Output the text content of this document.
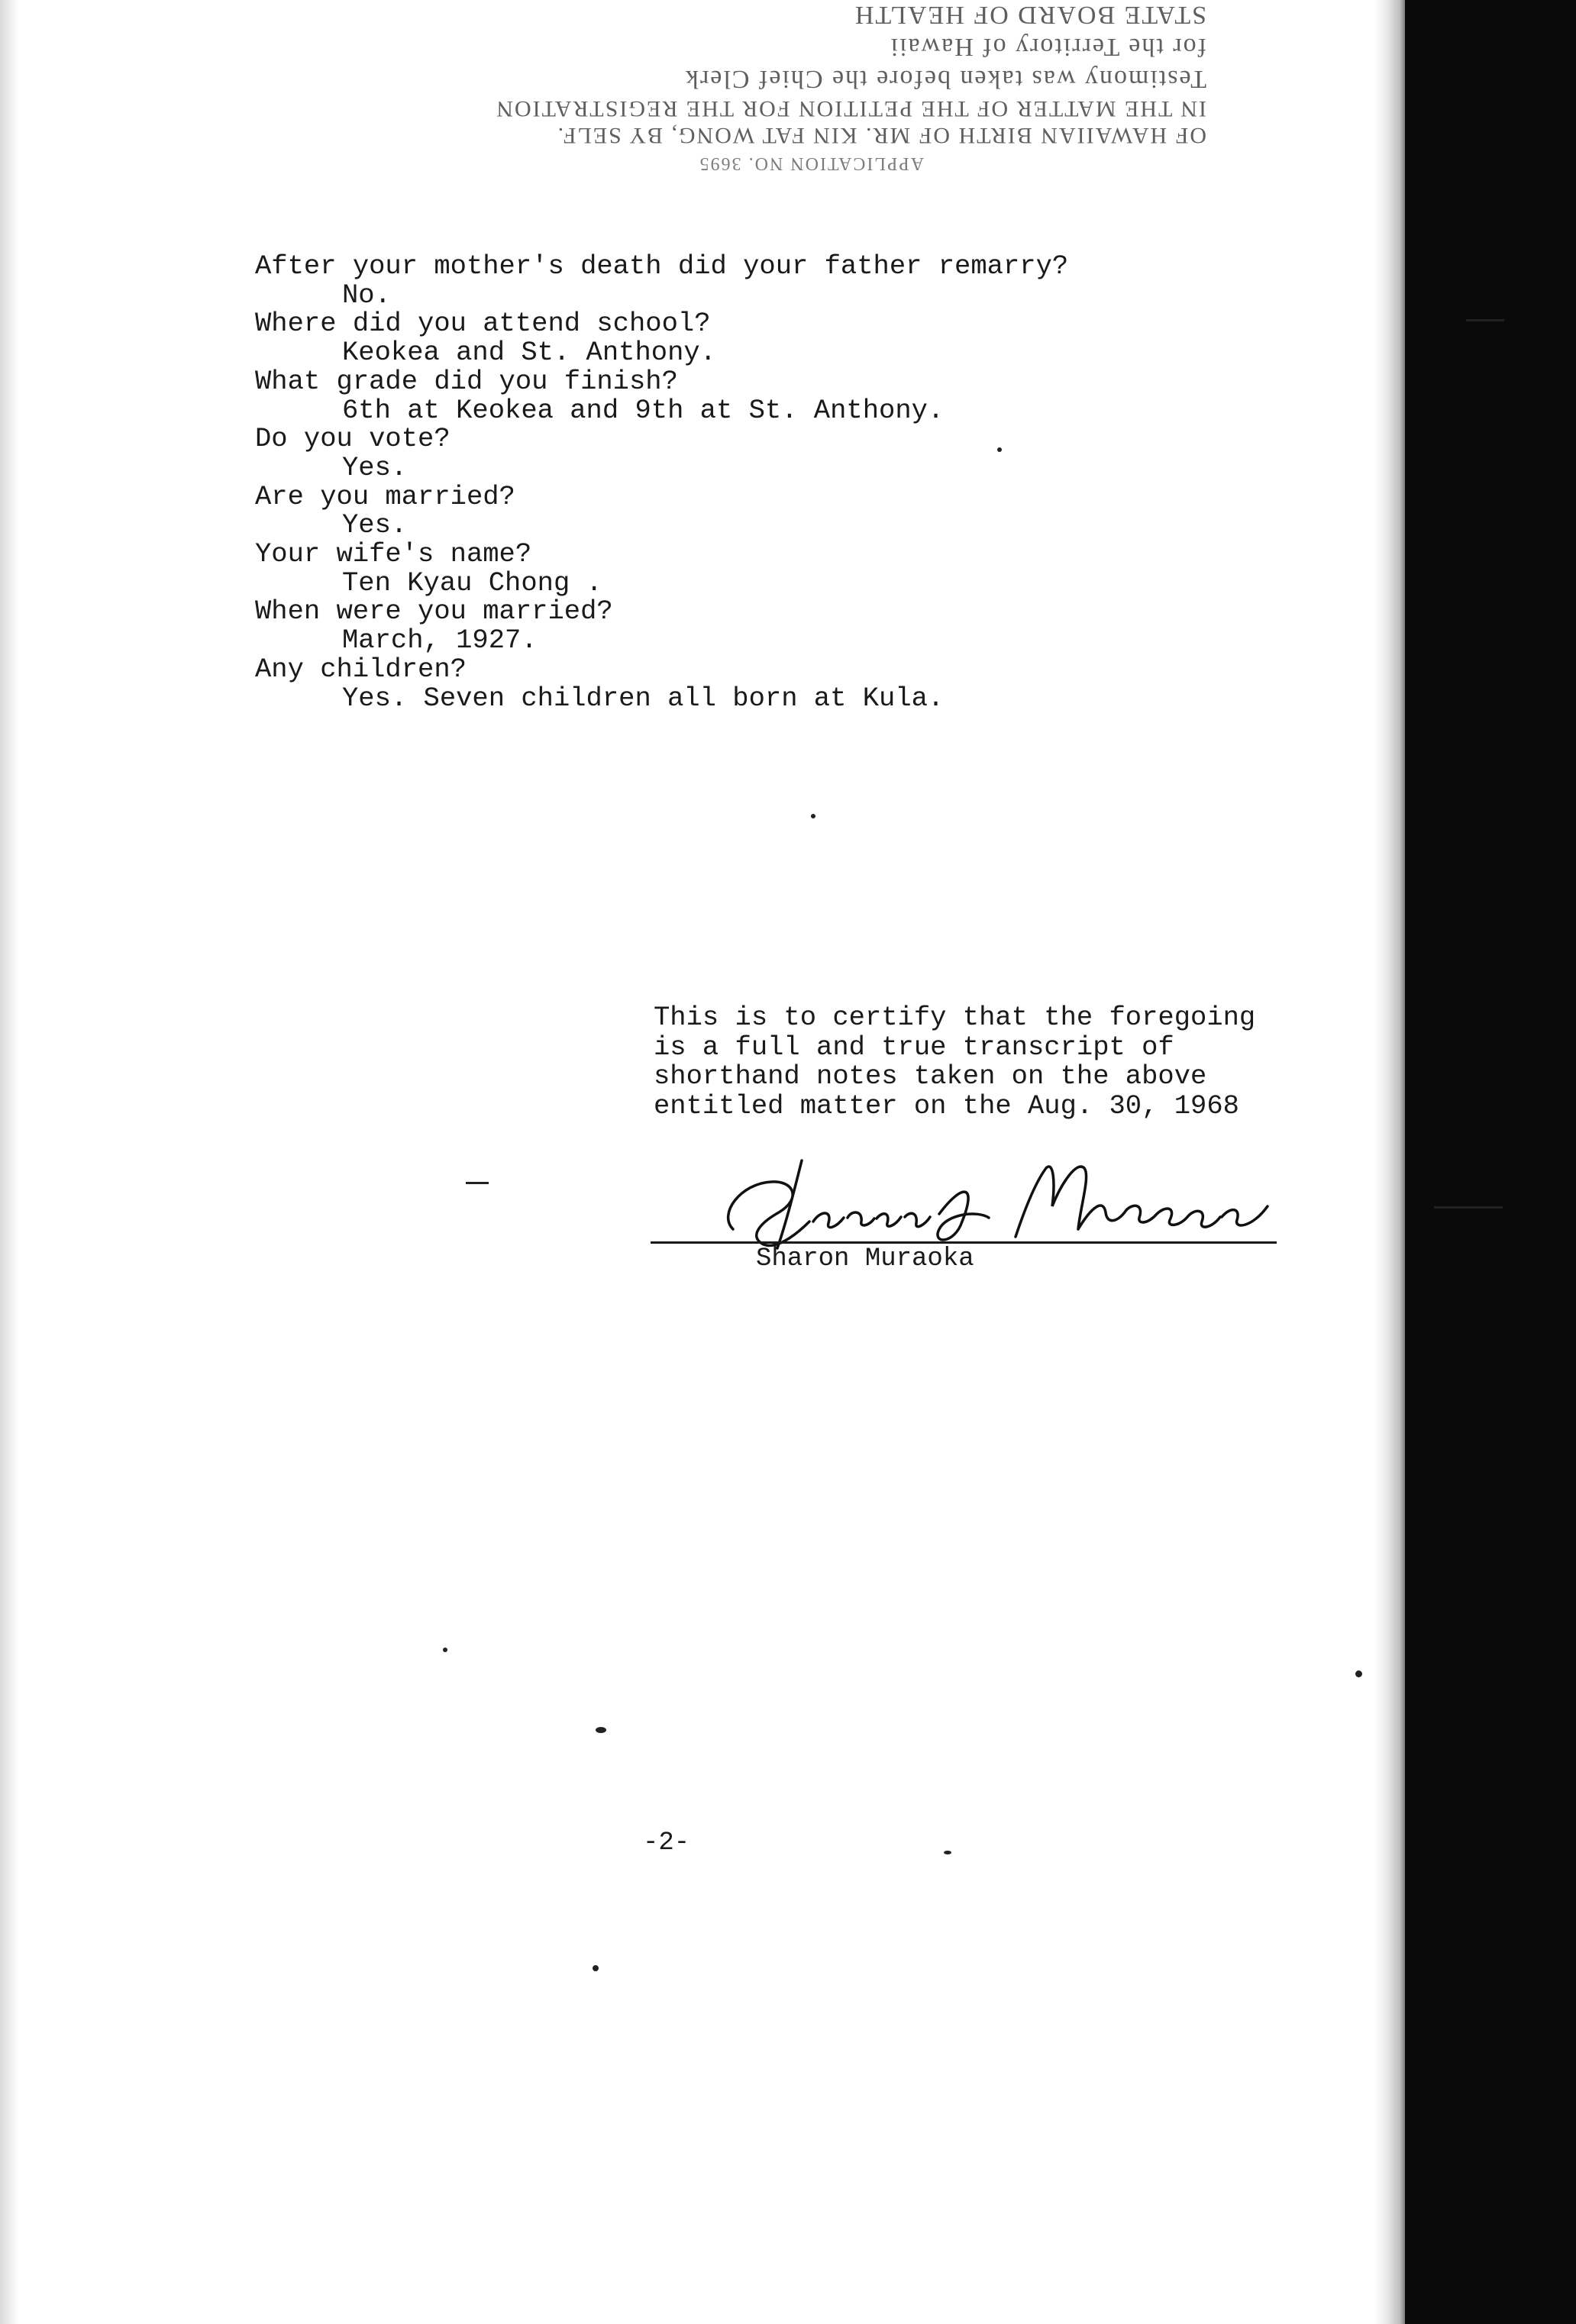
STATE BOARD OF HEALTH
for the Territory of Hawaii
Testimony was taken before the Chief Clerk
IN THE MATTER OF THE PETITION FOR THE REGISTRATION
OF HAWAIIAN BIRTH OF MR. KIN FAT WONG, BY SELF.
APPLICATION NO. 3695
After your mother's death did your father remarry?
No.
Where did you attend school?
Keokea and St. Anthony.
What grade did you finish?
6th at Keokea and 9th at St. Anthony.
Do you vote?
Yes.
Are you married?
Yes.
Your wife's name?
Ten Kyau Chong .
When were you married?
March, 1927.
Any children?
Yes. Seven children all born at Kula.
This is to certify that the foregoing
is a full and true transcript of
shorthand notes taken on the above
entitled matter on the Aug. 30, 1968
Sharon Muraoka
-2-
